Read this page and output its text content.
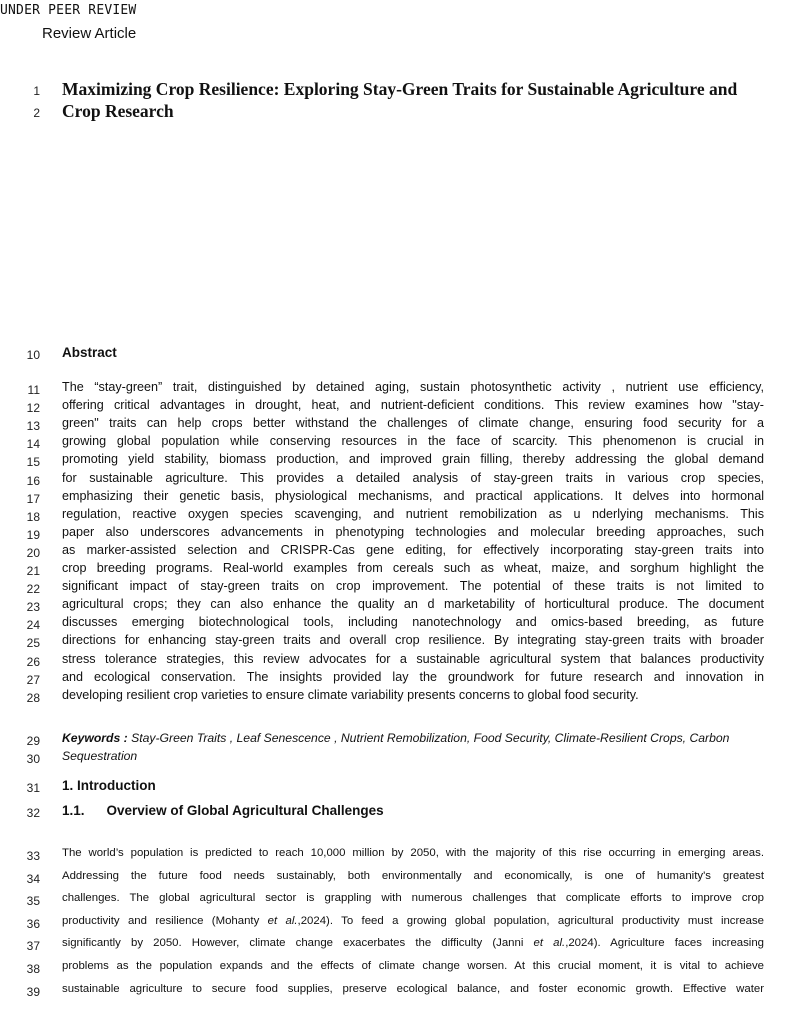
UNDER PEER REVIEW
Review Article
1 Maximizing Crop Resilience: Exploring Stay-Green Traits for Sustainable Agriculture and
2 Crop Research
10 Abstract
11 The “stay-green” trait, distinguished by detained aging, sustain photosynthetic activity , nutrient use efficiency,
12 offering critical advantages in drought, heat, and nutrient-deficient conditions. This review examines how "stay-
13 green" traits can help crops better withstand the challenges of climate change, ensuring food security for a
14 growing global population while conserving resources in the face of scarcity. This phenomenon is crucial in
15 promoting yield stability, biomass production, and improved grain filling, thereby addressing the global demand
16 for sustainable agriculture. This provides a detailed analysis of stay-green traits in various crop species,
17 emphasizing their genetic basis, physiological mechanisms, and practical applications. It delves into hormonal
18 regulation, reactive oxygen species scavenging, and nutrient remobilization as u nderlying mechanisms. This
19 paper also underscores advancements in phenotyping technologies and molecular breeding approaches, such
20 as marker-assisted selection and CRISPR-Cas gene editing, for effectively incorporating stay-green traits into
21 crop breeding programs. Real-world examples from cereals such as wheat, maize, and sorghum highlight the
22 significant impact of stay-green traits on crop improvement. The potential of these traits is not limited to
23 agricultural crops; they can also enhance the quality an d marketability of horticultural produce. The document
24 discusses emerging biotechnological tools, including nanotechnology and omics-based breeding, as future
25 directions for enhancing stay-green traits and overall crop resilience. By integrating stay-green traits with broader
26 stress tolerance strategies, this review advocates for a sustainable agricultural system that balances productivity
27 and ecological conservation. The insights provided lay the groundwork for future research and innovation in
28 developing resilient crop varieties to ensure climate variability presents concerns to global food security.
29 Keywords : Stay-Green Traits , Leaf Senescence , Nutrient Remobilization, Food Security, Climate-Resilient Crops, Carbon
30 Sequestration
31 1. Introduction
32 1.1. Overview of Global Agricultural Challenges
33 The world’s population is predicted to reach 10,000 million by 2050, with the majority of this rise occurring in emerging areas.
34 Addressing the future food needs sustainably, both environmentally and economically, is one of humanity's greatest
35 challenges. The global agricultural sector is grappling with numerous challenges that complicate efforts to improve crop
36 productivity and resilience (Mohanty et al.,2024). To feed a growing global population, agricultural productivity must increase
37 significantly by 2050. However, climate change exacerbates the difficulty (Janni et al.,2024). Agriculture faces increasing
38 problems as the population expands and the effects of climate change worsen. At this crucial moment, it is vital to achieve
39 sustainable agriculture to secure food supplies, preserve ecological balance, and foster economic growth. Effective water
